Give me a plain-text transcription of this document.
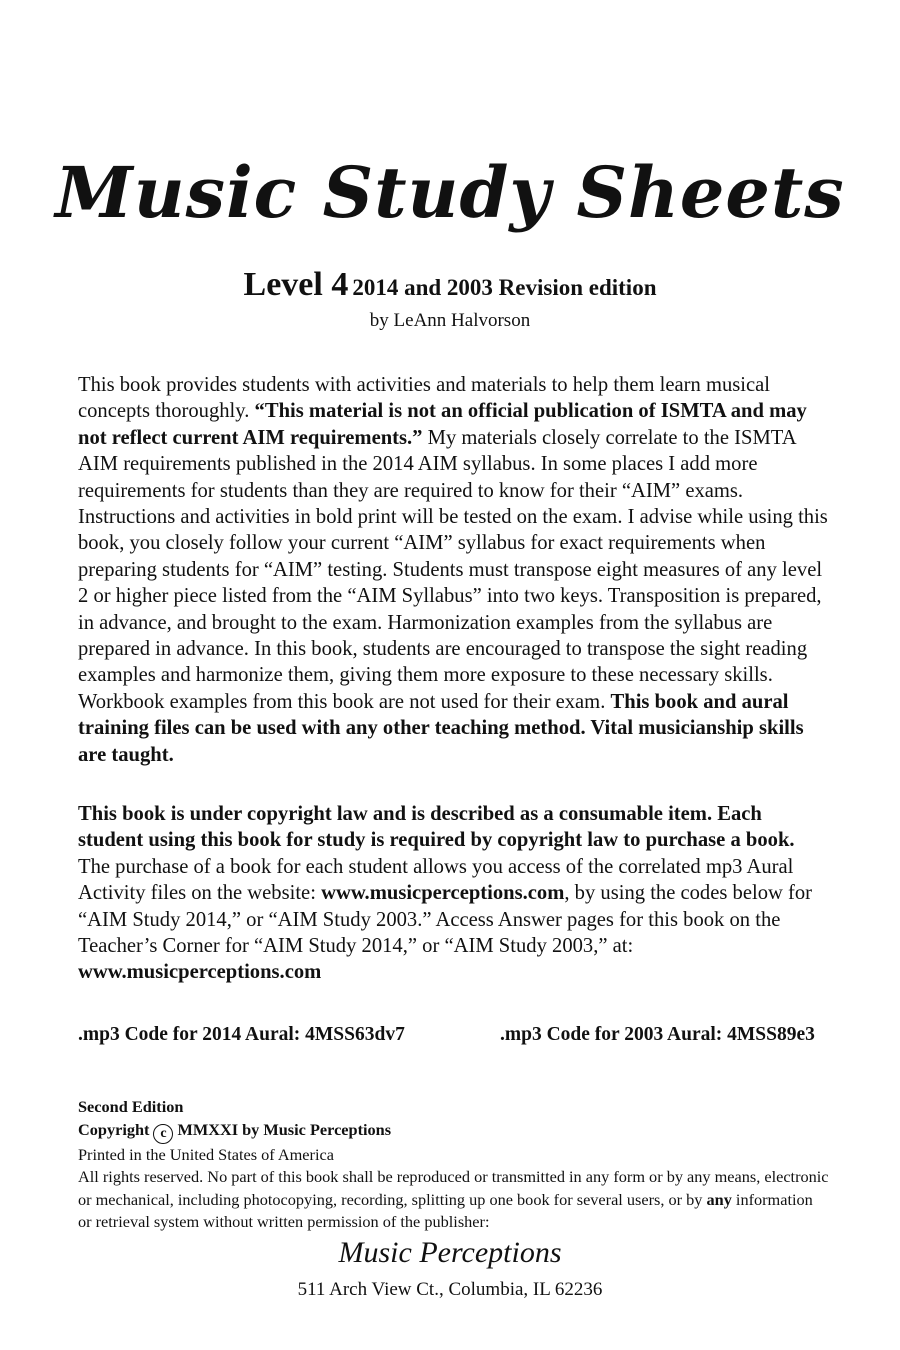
Music Study Sheets
Level 4 2014 and 2003 Revision edition
by LeAnn Halvorson

This book provides students with activities and materials to help them learn musical concepts thoroughly. “This material is not an official publication of ISMTA and may not reflect current AIM requirements.” My materials closely correlate to the ISMTA AIM requirements published in the 2014 AIM syllabus. In some places I add more requirements for students than they are required to know for their “AIM” exams. Instructions and activities in bold print will be tested on the exam. I advise while using this book, you closely follow your current “AIM” syllabus for exact requirements when preparing students for “AIM” testing. Students must transpose eight measures of any level 2 or higher piece listed from the “AIM Syllabus” into two keys. Transposition is prepared, in advance, and brought to the exam. Harmonization examples from the syllabus are prepared in advance. In this book, students are encouraged to transpose the sight reading examples and harmonize them, giving them more exposure to these necessary skills. Workbook examples from this book are not used for their exam. This book and aural training files can be used with any other teaching method. Vital musicianship skills are taught.

This book is under copyright law and is described as a consumable item. Each student using this book for study is required by copyright law to purchase a book. The purchase of a book for each student allows you access of the correlated mp3 Aural Activity files on the website: www.musicperceptions.com, by using the codes below for “AIM Study 2014,” or “AIM Study 2003.” Access Answer pages for this book on the Teacher’s Corner for “AIM Study 2014,” or “AIM Study 2003,” at: www.musicperceptions.com

.mp3 Code for 2014 Aural: 4MSS63dv7	.mp3 Code for 2003 Aural: 4MSS89e3
Second Edition
Copyright c MMXXI by Music Perceptions
Printed in the United States of America
All rights reserved. No part of this book shall be reproduced or transmitted in any form or by any means, electronic or mechanical, including photocopying, recording, splitting up one book for several users, or by any information or retrieval system without written permission of the publisher:
Music Perceptions
511 Arch View Ct., Columbia, IL 62236
